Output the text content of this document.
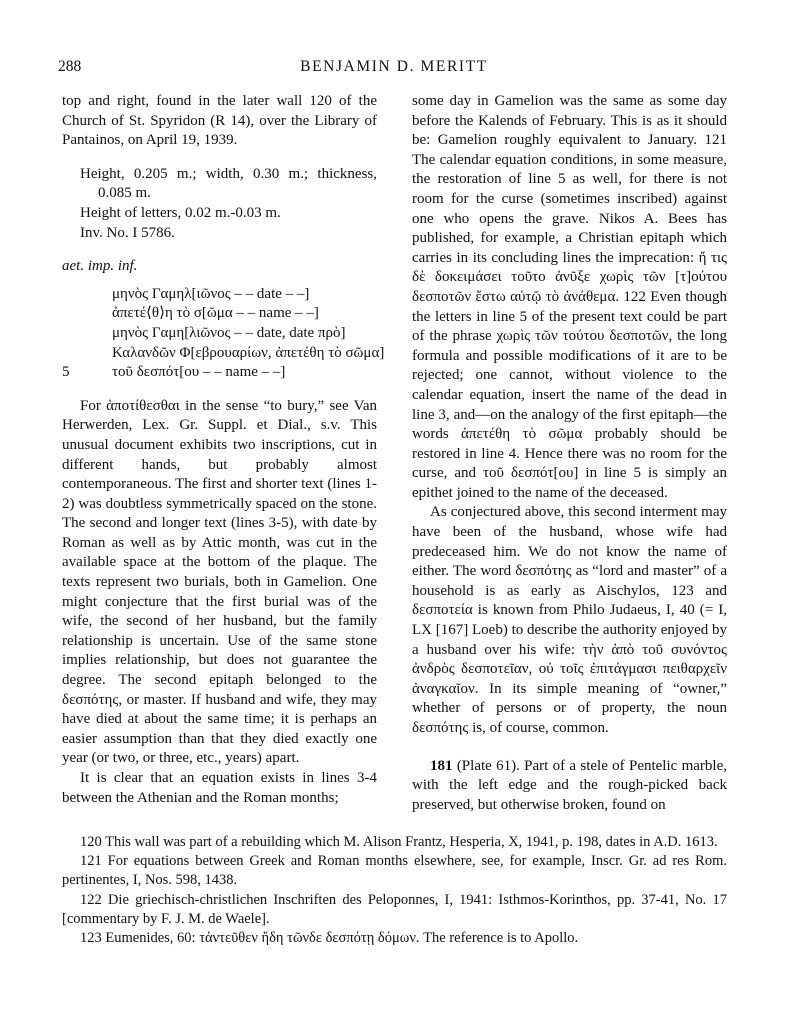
288	BENJAMIN D. MERITT

top and right, found in the later wall 120 of the Church of St. Spyridon (R 14), over the Library of Pantainos, on April 19, 1939.

Height, 0.205 m.; width, 0.30 m.; thickness, 0.085 m.

Height of letters, 0.02 m.-0.03 m.

Inv. No. I 5786.

aet. imp. inf.

μηνὸς Γαμηλ[ιῶνος – – date – –]
ἀπετέ⟨θ⟩η τὸ σ[ῶμα – – name – –]
μηνὸς Γαμη[λιῶνος – – date, date πρὸ]
Καλανδῶν Φ[εβρουαρίων, ἀπετέθη τὸ σῶμα]
5	τοῦ δεσπότ[ου – – name – –]

For ἀποτίθεσθαι in the sense “to bury,” see Van Herwerden, Lex. Gr. Suppl. et Dial., s.v. This unusual document exhibits two inscriptions, cut in different hands, but probably almost contemporaneous. The first and shorter text (lines 1-2) was doubtless symmetrically spaced on the stone. The second and longer text (lines 3-5), with date by Roman as well as by Attic month, was cut in the available space at the bottom of the plaque. The texts represent two burials, both in Gamelion. One might conjecture that the first burial was of the wife, the second of her husband, but the family relationship is uncertain. Use of the same stone implies relationship, but does not guarantee the degree. The second epitaph belonged to the δεσπότης, or master. If husband and wife, they may have died at about the same time; it is perhaps an easier assumption than that they died exactly one year (or two, or three, etc., years) apart.

It is clear that an equation exists in lines 3-4 between the Athenian and the Roman months;

some day in Gamelion was the same as some day before the Kalends of February. This is as it should be: Gamelion roughly equivalent to January. 121 The calendar equation conditions, in some measure, the restoration of line 5 as well, for there is not room for the curse (sometimes inscribed) against one who opens the grave. Nikos A. Bees has published, for example, a Christian epitaph which carries in its concluding lines the imprecation: ἤ τις δὲ δοκειμάσει τοῦτο ἀνῦξε χωρὶς τῶν [τ]ούτου δεσποτῶν ἔστω αὐτῷ τὸ ἀνάθεμα. 122 Even though the letters in line 5 of the present text could be part of the phrase χωρὶς τῶν τούτου δεσποτῶν, the long formula and possible modifications of it are to be rejected; one cannot, without violence to the calendar equation, insert the name of the dead in line 3, and—on the analogy of the first epitaph—the words ἀπετέθη τὸ σῶμα probably should be restored in line 4. Hence there was no room for the curse, and τοῦ δεσπότ[ου] in line 5 is simply an epithet joined to the name of the deceased.

As conjectured above, this second interment may have been of the husband, whose wife had predeceased him. We do not know the name of either. The word δεσπότης as “lord and master” of a household is as early as Aischylos, 123 and δεσποτεία is known from Philo Judaeus, I, 40 (= I, LX [167] Loeb) to describe the authority enjoyed by a husband over his wife: τὴν ἀπὸ τοῦ συνόντος ἀνδρὸς δεσποτεῖαν, οὐ τοῖς ἐπιτάγμασι πειθαρχεῖν ἀναγκαῖον. In its simple meaning of “owner,” whether of persons or of property, the noun δεσπότης is, of course, common.

181 (Plate 61). Part of a stele of Pentelic marble, with the left edge and the rough-picked back preserved, but otherwise broken, found on

120 This wall was part of a rebuilding which M. Alison Frantz, Hesperia, X, 1941, p. 198, dates in A.D. 1613.

121 For equations between Greek and Roman months elsewhere, see, for example, Inscr. Gr. ad res Rom. pertinentes, I, Nos. 598, 1438.

122 Die griechisch-christlichen Inschriften des Peloponnes, I, 1941: Isthmos-Korinthos, pp. 37-41, No. 17 [commentary by F. J. M. de Waele].

123 Eumenides, 60: τἀντεῦθεν ἤδη τῶνδε δεσπότῃ δόμων. The reference is to Apollo.
